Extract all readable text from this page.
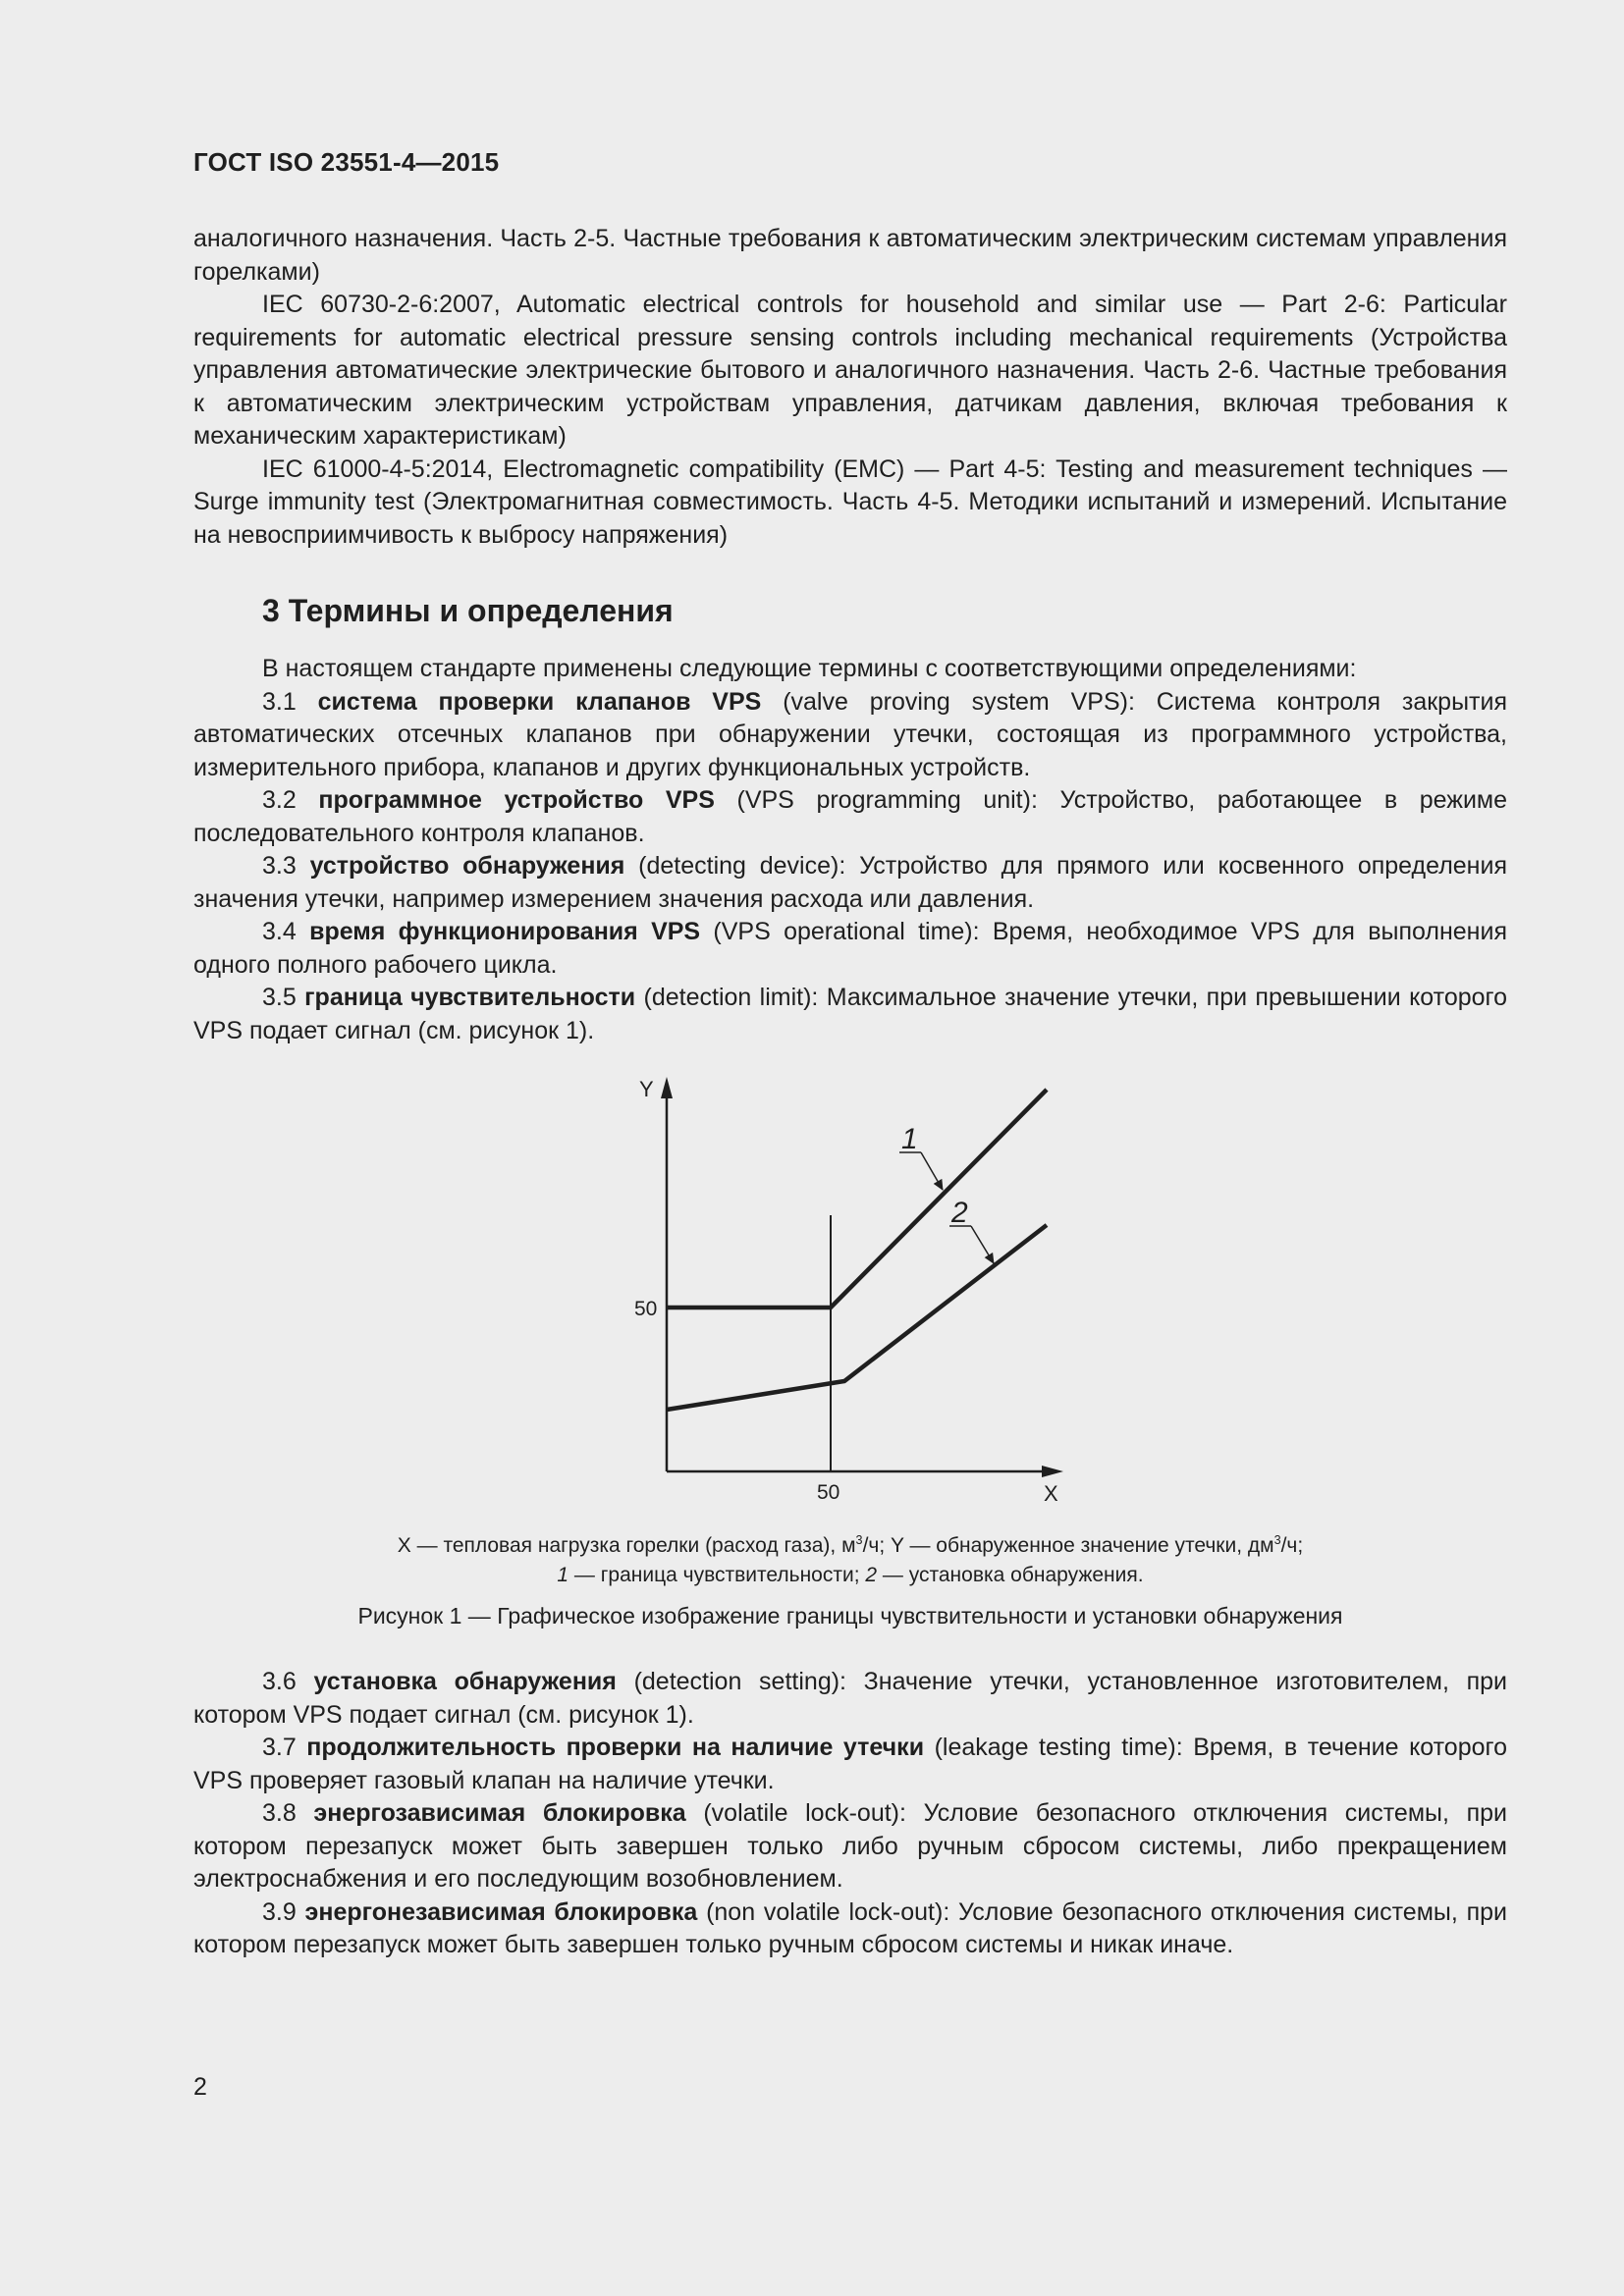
ГОСТ ISO 23551-4—2015

аналогичного назначения. Часть 2-5. Частные требования к автоматическим электрическим системам управления горелками)

IEC 60730-2-6:2007, Automatic electrical controls for household and similar use — Part 2-6: Particular requirements for automatic electrical pressure sensing controls including mechanical requirements (Устройства управления автоматические электрические бытового и аналогичного назначения. Часть 2-6. Частные требования к автоматическим электрическим устройствам управления, датчикам давления, включая требования к механическим характеристикам)

IEC 61000-4-5:2014, Electromagnetic compatibility (EMC) — Part 4-5: Testing and measurement techniques — Surge immunity test (Электромагнитная совместимость. Часть 4-5. Методики испытаний и измерений. Испытание на невосприимчивость к выбросу напряжения)

3 Термины и определения

В настоящем стандарте применены следующие термины с соответствующими определениями:

3.1 система проверки клапанов VPS (valve proving system VPS): Система контроля закрытия автоматических отсечных клапанов при обнаружении утечки, состоящая из программного устройства, измерительного прибора, клапанов и других функциональных устройств.

3.2 программное устройство VPS (VPS programming unit): Устройство, работающее в режиме последовательного контроля клапанов.

3.3 устройство обнаружения (detecting device): Устройство для прямого или косвенного определения значения утечки, например измерением значения расхода или давления.

3.4 время функционирования VPS (VPS operational time): Время, необходимое VPS для выполнения одного полного рабочего цикла.

3.5 граница чувствительности (detection limit): Максимальное значение утечки, при превышении которого VPS подает сигнал (см. рисунок 1).

Y
X
50
50
1
2
X — тепловая нагрузка горелки (расход газа), $м^3/ч$; Y — обнаруженное значение утечки, $дм^3/ч$;
1 — граница чувствительности; 2 — установка обнаружения.
Рисунок 1 — Графическое изображение границы чувствительности и установки обнаружения

3.6 установка обнаружения (detection setting): Значение утечки, установленное изготовителем, при котором VPS подает сигнал (см. рисунок 1).

3.7 продолжительность проверки на наличие утечки (leakage testing time): Время, в течение которого VPS проверяет газовый клапан на наличие утечки.

3.8 энергозависимая блокировка (volatile lock-out): Условие безопасного отключения системы, при котором перезапуск может быть завершен только либо ручным сбросом системы, либо прекращением электроснабжения и его последующим возобновлением.

3.9 энергонезависимая блокировка (non volatile lock-out): Условие безопасного отключения системы, при котором перезапуск может быть завершен только ручным сбросом системы и никак иначе.

2
